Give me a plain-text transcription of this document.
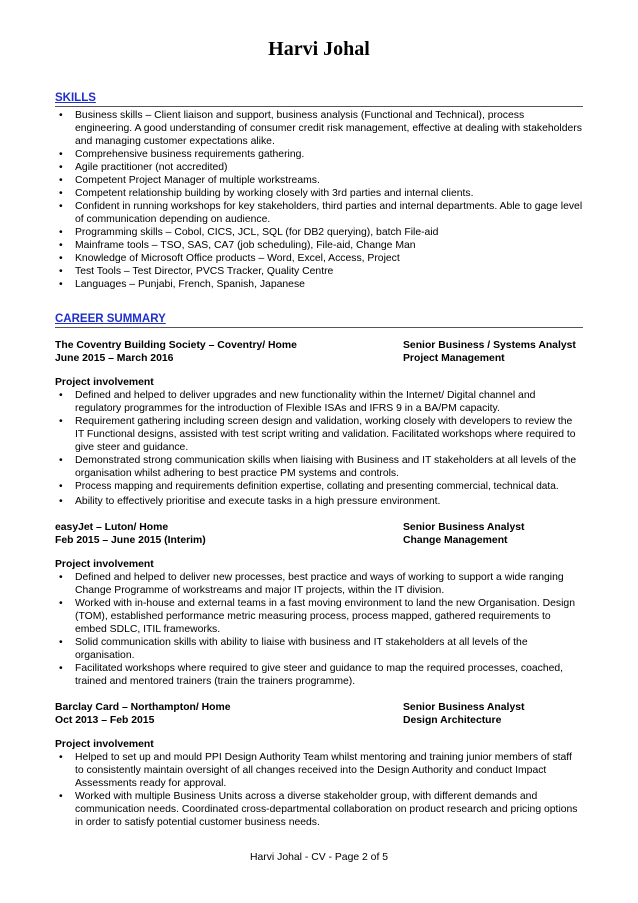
Harvi Johal
SKILLS
• Business skills – Client liaison and support, business analysis (Functional and Technical), process engineering. A good understanding of consumer credit risk management, effective at dealing with stakeholders and managing customer expectations alike.
• Comprehensive business requirements gathering.
• Agile practitioner (not accredited)
• Competent Project Manager of multiple workstreams.
• Competent relationship building by working closely with 3rd parties and internal clients.
• Confident in running workshops for key stakeholders, third parties and internal departments. Able to gage level of communication depending on audience.
• Programming skills – Cobol, CICS, JCL, SQL (for DB2 querying), batch File-aid
• Mainframe tools – TSO, SAS, CA7 (job scheduling), File-aid, Change Man
• Knowledge of Microsoft Office products – Word, Excel, Access, Project
• Test Tools – Test Director, PVCS Tracker, Quality Centre
• Languages – Punjabi, French, Spanish, Japanese
CAREER SUMMARY
The Coventry Building Society – Coventry/ Home	Senior Business / Systems Analyst
June 2015 – March 2016	Project Management
Project involvement
• Defined and helped to deliver upgrades and new functionality within the Internet/ Digital channel and regulatory programmes for the introduction of Flexible ISAs and IFRS 9 in a BA/PM capacity.
• Requirement gathering including screen design and validation, working closely with developers to review the IT Functional designs, assisted with test script writing and validation. Facilitated workshops where required to give steer and guidance.
• Demonstrated strong communication skills when liaising with Business and IT stakeholders at all levels of the organisation whilst adhering to best practice PM systems and controls.
• Process mapping and requirements definition expertise, collating and presenting commercial, technical data.
• Ability to effectively prioritise and execute tasks in a high pressure environment.
easyJet – Luton/ Home	Senior Business Analyst
Feb 2015 – June 2015 (Interim)	Change Management
Project involvement
• Defined and helped to deliver new processes, best practice and ways of working to support a wide ranging Change Programme of workstreams and major IT projects, within the IT division.
• Worked with in-house and external teams in a fast moving environment to land the new Organisation. Design (TOM), established performance metric measuring process, process mapped, gathered requirements to embed SDLC, ITIL frameworks.
• Solid communication skills with ability to liaise with business and IT stakeholders at all levels of the organisation.
• Facilitated workshops where required to give steer and guidance to map the required processes, coached, trained and mentored trainers (train the trainers programme).
Barclay Card – Northampton/ Home	Senior Business Analyst
Oct 2013 – Feb 2015	Design Architecture
Project involvement
• Helped to set up and mould PPI Design Authority Team whilst mentoring and training junior members of staff to consistently maintain oversight of all changes received into the Design Authority and conduct Impact Assessments ready for approval.
• Worked with multiple Business Units across a diverse stakeholder group, with different demands and communication needs. Coordinated cross-departmental collaboration on product research and pricing options in order to satisfy potential customer business needs.
Harvi Johal - CV - Page 2 of 5
